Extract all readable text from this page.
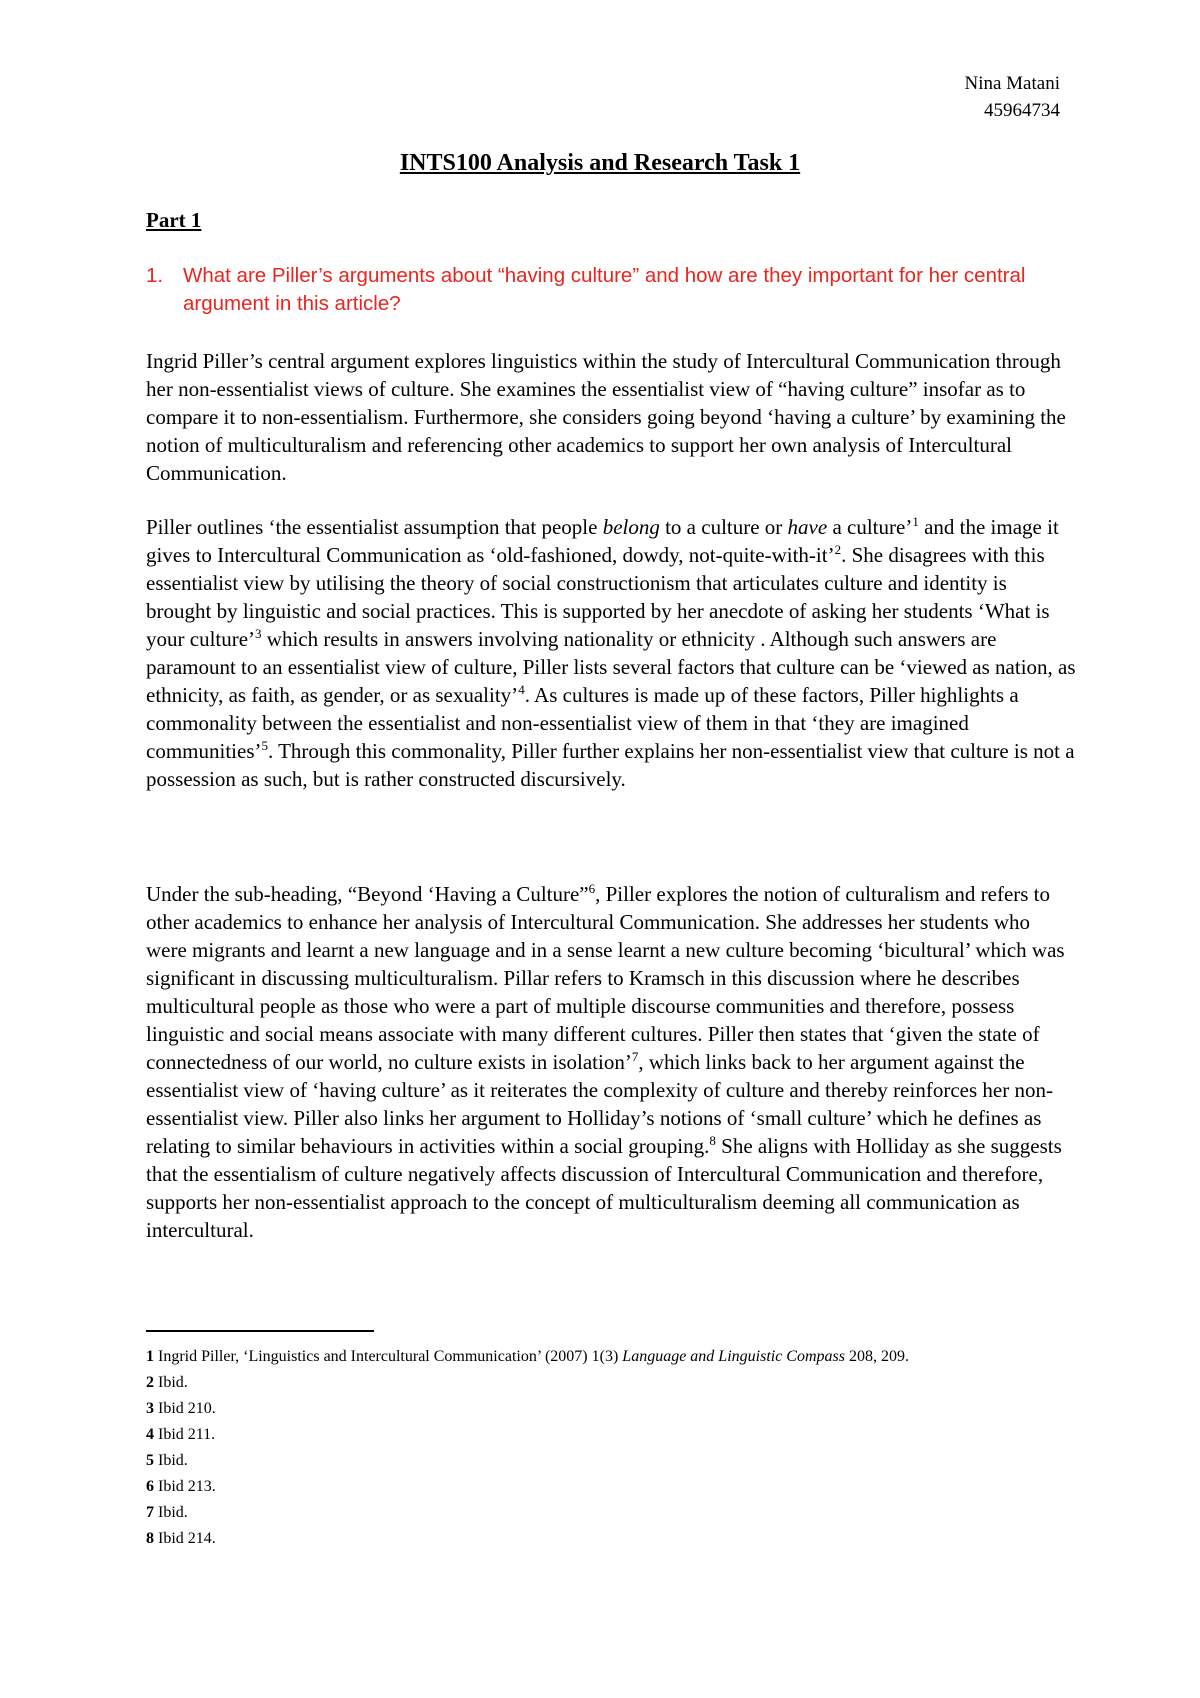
Nina Matani
45964734
INTS100 Analysis and Research Task 1
Part 1
1. What are Piller’s arguments about “having culture” and how are they important for her central argument in this article?

Ingrid Piller’s central argument explores linguistics within the study of Intercultural Communication through her non-essentialist views of culture. She examines the essentialist view of “having culture” insofar as to compare it to non-essentialism. Furthermore, she considers going beyond ‘having a culture’ by examining the notion of multiculturalism and referencing other academics to support her own analysis of Intercultural Communication.

Piller outlines ‘the essentialist assumption that people belong to a culture or have a culture’$^1$ and the image it gives to Intercultural Communication as ‘old-fashioned, dowdy, not-quite-with-it’$^2$. She disagrees with this essentialist view by utilising the theory of social constructionism that articulates culture and identity is brought by linguistic and social practices. This is supported by her anecdote of asking her students ‘What is your culture’$^3$ which results in answers involving nationality or ethnicity . Although such answers are paramount to an essentialist view of culture, Piller lists several factors that culture can be ‘viewed as nation, as ethnicity, as faith, as gender, or as sexuality’$^4$. As cultures is made up of these factors, Piller highlights a commonality between the essentialist and non-essentialist view of them in that ‘they are imagined communities’$^5$. Through this commonality, Piller further explains her non-essentialist view that culture is not a possession as such, but is rather constructed discursively.

Under the sub-heading, “Beyond ‘Having a Culture”$^6$, Piller explores the notion of culturalism and refers to other academics to enhance her analysis of Intercultural Communication. She addresses her students who were migrants and learnt a new language and in a sense learnt a new culture becoming ‘bicultural’ which was significant in discussing multiculturalism. Pillar refers to Kramsch in this discussion where he describes multicultural people as those who were a part of multiple discourse communities and therefore, possess linguistic and social means associate with many different cultures. Piller then states that ‘given the state of connectedness of our world, no culture exists in isolation’$^7$, which links back to her argument against the essentialist view of ‘having culture’ as it reiterates the complexity of culture and thereby reinforces her non-essentialist view. Piller also links her argument to Holliday’s notions of ‘small culture’ which he defines as relating to similar behaviours in activities within a social grouping.$^8$ She aligns with Holliday as she suggests that the essentialism of culture negatively affects discussion of Intercultural Communication and therefore, supports her non-essentialist approach to the concept of multiculturalism deeming all communication as intercultural.

1 Ingrid Piller, ‘Linguistics and Intercultural Communication’ (2007) 1(3) Language and Linguistic Compass 208, 209.
2 Ibid.
3 Ibid 210.
4 Ibid 211.
5 Ibid.
6 Ibid 213.
7 Ibid.
8 Ibid 214.
